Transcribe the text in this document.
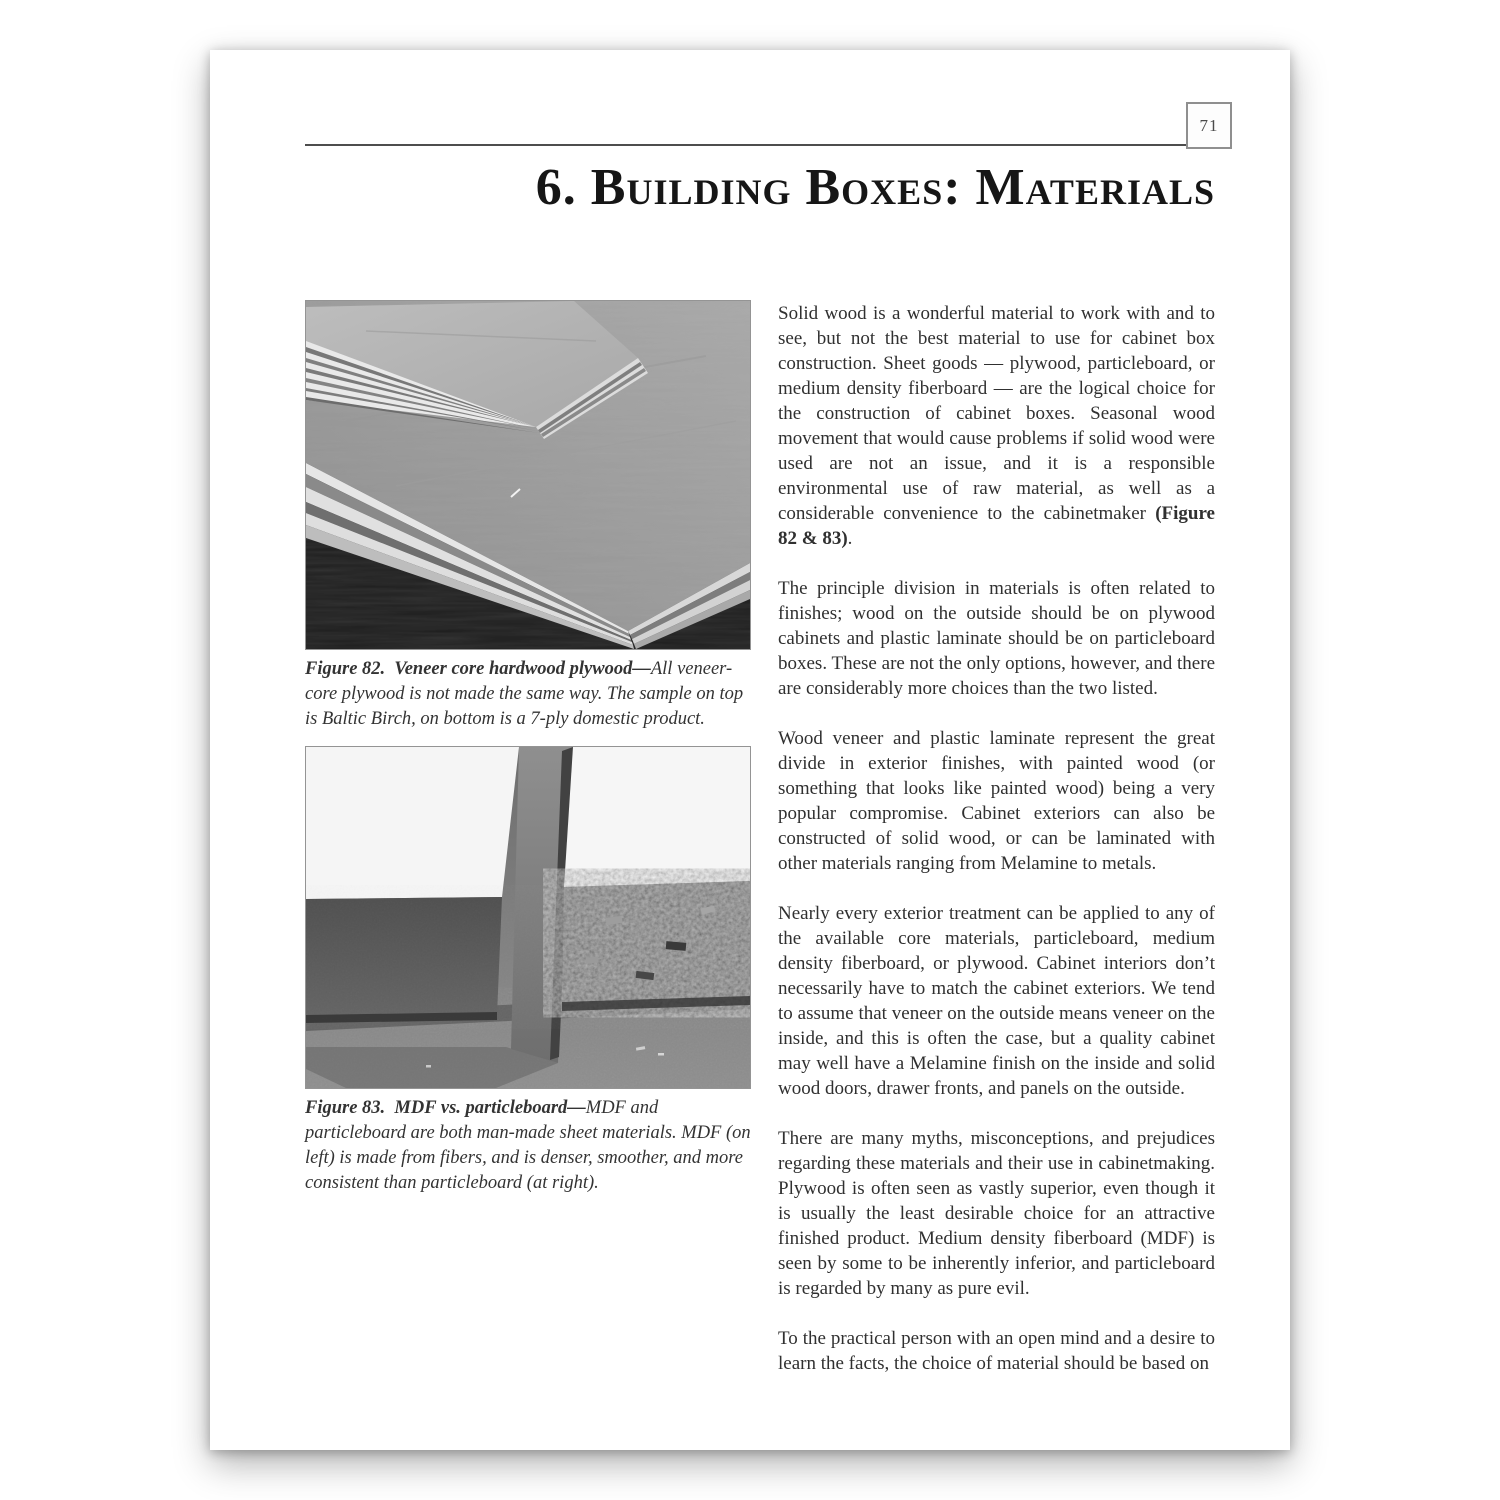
71
6. Building Boxes: Materials
Figure 82.  Veneer core hardwood plywood—All veneer-core plywood is not made the same way. The sample on top is Baltic Birch, on bottom is a 7-ply domestic product.
Figure 83.  MDF vs. particleboard—MDF and particleboard are both man-made sheet materials. MDF (on left) is made from fibers, and is denser, smoother, and more consistent than particleboard (at right).

Solid wood is a wonderful material to work with and to see, but not the best material to use for cabinet box construction. Sheet goods — plywood, particleboard, or medium density fiberboard — are the logical choice for the construction of cabinet boxes. Seasonal wood movement that would cause problems if solid wood were used are not an issue, and it is a responsible environmental use of raw material, as well as a considerable convenience to the cabinetmaker (Figure 82 & 83).

The principle division in materials is often related to finishes; wood on the outside should be on plywood cabinets and plastic laminate should be on particleboard boxes. These are not the only options, however, and there are considerably more choices than the two listed.

Wood veneer and plastic laminate represent the great divide in exterior finishes, with painted wood (or something that looks like painted wood) being a very popular compromise. Cabinet exteriors can also be constructed of solid wood, or can be laminated with other materials ranging from Melamine to metals.

Nearly every exterior treatment can be applied to any of the available core materials, particleboard, medium density fiberboard, or plywood. Cabinet interiors don’t necessarily have to match the cabinet exteriors. We tend to assume that veneer on the outside means veneer on the inside, and this is often the case, but a quality cabinet may well have a Melamine finish on the inside and solid wood doors, drawer fronts, and panels on the outside.

There are many myths, misconceptions, and prejudices regarding these materials and their use in cabinetmaking. Plywood is often seen as vastly superior, even though it is usually the least desirable choice for an attractive finished product. Medium density fiberboard (MDF) is seen by some to be inherently inferior, and particleboard is regarded by many as pure evil.

To the practical person with an open mind and a desire to learn the facts, the choice of material should be based on
